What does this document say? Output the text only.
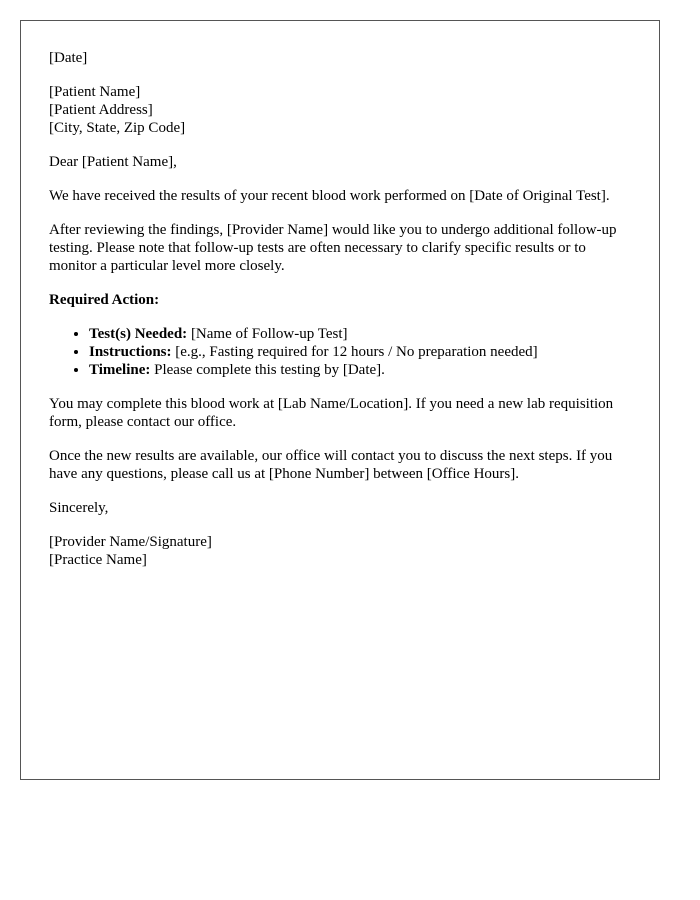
[Date]

[Patient Name]
[Patient Address]
[City, State, Zip Code]

Dear [Patient Name],

We have received the results of your recent blood work performed on [Date of Original Test].

After reviewing the findings, [Provider Name] would like you to undergo additional follow-up testing. Please note that follow-up tests are often necessary to clarify specific results or to monitor a particular level more closely.

Required Action:

• Test(s) Needed: [Name of Follow-up Test]
• Instructions: [e.g., Fasting required for 12 hours / No preparation needed]
• Timeline: Please complete this testing by [Date].

You may complete this blood work at [Lab Name/Location]. If you need a new lab requisition form, please contact our office.

Once the new results are available, our office will contact you to discuss the next steps. If you have any questions, please call us at [Phone Number] between [Office Hours].

Sincerely,

[Provider Name/Signature]
[Practice Name]
